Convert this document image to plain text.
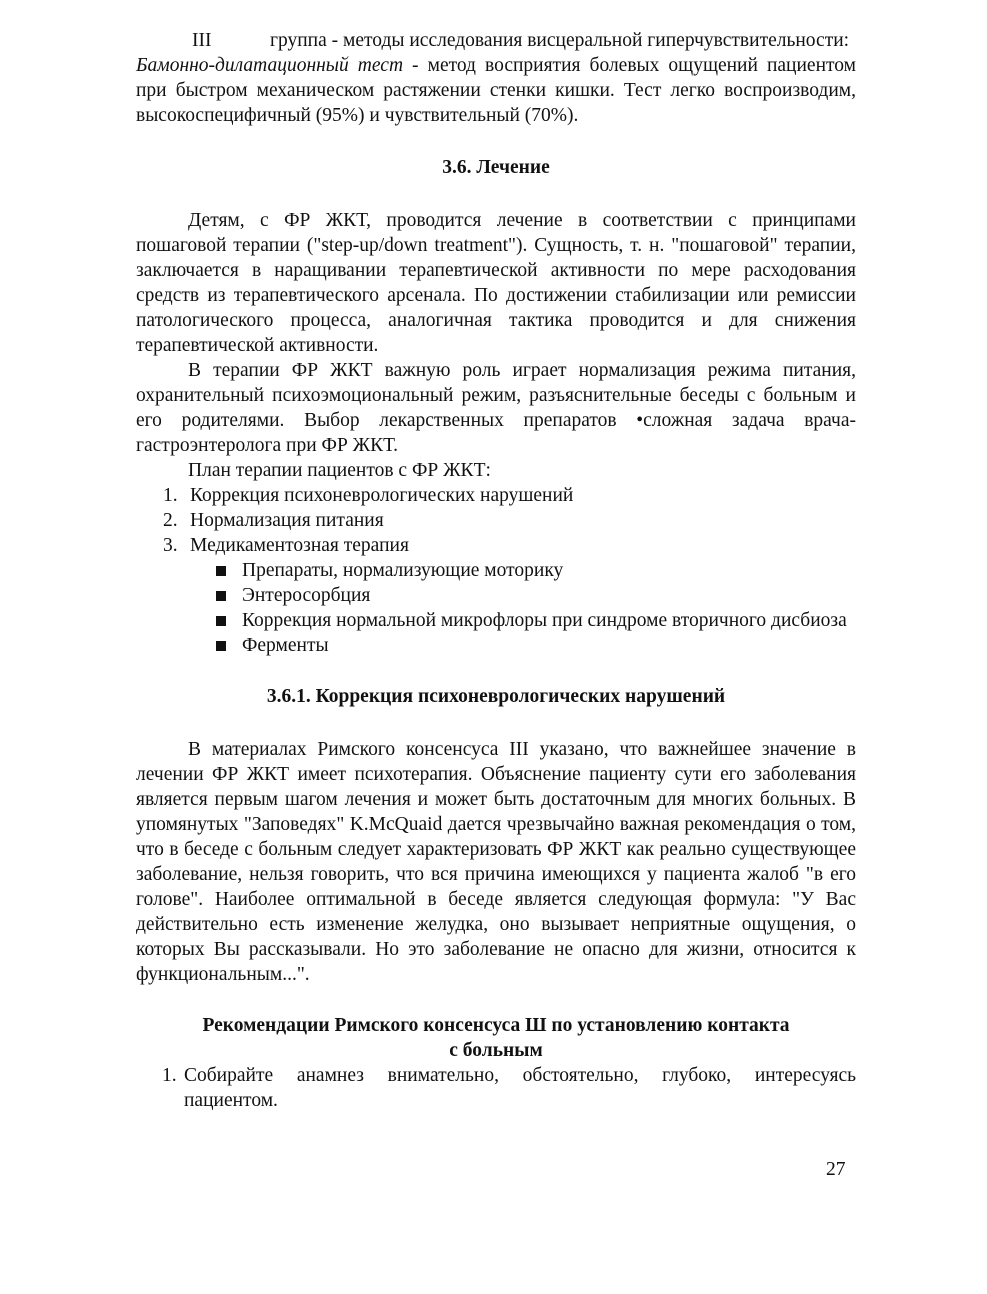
III	группа - методы исследования висцеральной гиперчувствительности:

Бамонно-дилатационный тест - метод восприятия болевых ощущений пациентом при быстром механическом растяжении стенки кишки. Тест легко воспроизводим, высокоспецифичный (95%) и чувствительный (70%).

3.6. Лечение

Детям, с ФР ЖКТ, проводится лечение в соответствии с принципами пошаговой терапии ("step-up/down treatment"). Сущность, т. н. "пошаговой" терапии, заключается в наращивании терапевтической активности по мере расходования средств из терапевтического арсенала. По достижении стабилизации или ремиссии патологического процесса, аналогичная тактика проводится и для снижения терапевтической активности.

В терапии ФР ЖКТ важную роль играет нормализация режима питания, охранительный психоэмоциональный режим, разъяснительные беседы с больным и его родителями. Выбор лекарственных препаратов •сложная задача врача-гастроэнтеролога при ФР ЖКТ.

План терапии пациентов с ФР ЖКТ:

1. Коррекция психоневрологических нарушений
2. Нормализация питания
3. Медикаментозная терапия
Препараты, нормализующие моторику
Энтеросорбция
Коррекция нормальной микрофлоры при синдроме вторичного дисбиоза
Ферменты

3.6.1. Коррекция психоневрологических нарушений

В материалах Римского консенсуса III указано, что важнейшее значение в лечении ФР ЖКТ имеет психотерапия. Объяснение пациенту сути его заболевания является первым шагом лечения и может быть достаточным для многих больных. В упомянутых "Заповедях" K.McQuaid дается чрезвычайно важная рекомендация о том, что в беседе с больным следует характеризовать ФР ЖКТ как реально существующее заболевание, нельзя говорить, что вся причина имеющихся у пациента жалоб "в его голове". Наиболее оптимальной в беседе является следующая формула: "У Вас действительно есть изменение желудка, оно вызывает неприятные ощущения, о которых Вы рассказывали. Но это заболевание не опасно для жизни, относится к функциональным...".

Рекомендации Римского консенсуса Ш по установлению контакта

с больным

1. Собирайте анамнез внимательно, обстоятельно, глубоко, интересуясь пациентом.
27
